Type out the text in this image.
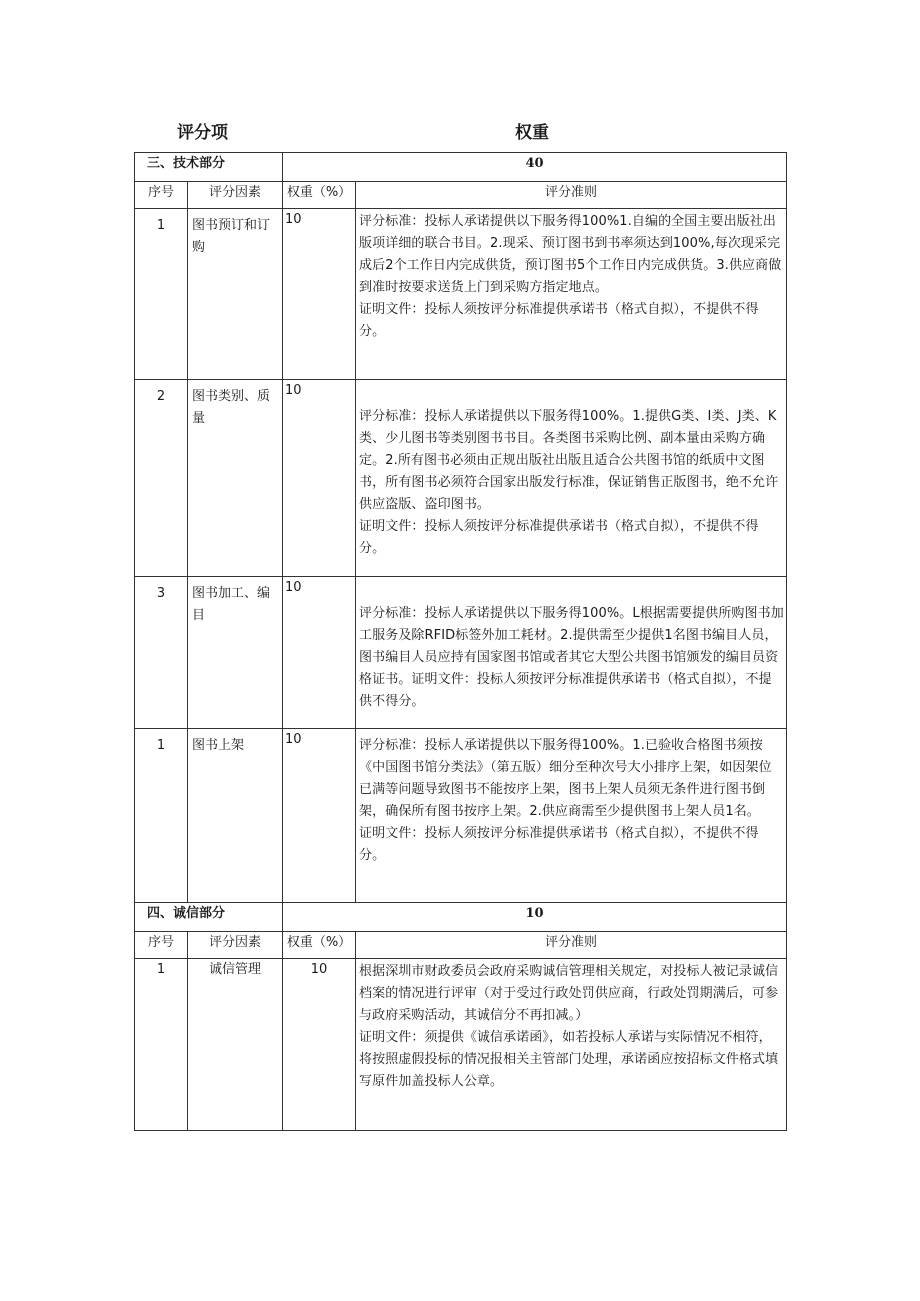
评分项	权重
三、技术部分		40	
序号	评分因素	权重（%）	评分准则
1	图书预订和订购	10	评分标准：投标人承诺提供以下服务得100%1.自编的全国主要出版社出版项详细的联合书目。2.现采、预订图书到书率须达到100%,每次现采完成后2个工作日内完成供货，预订图书5个工作日内完成供货。3.供应商做到准时按要求送货上门到采购方指定地点。

证明文件：投标人须按评分标准提供承诺书（格式自拟），不提供不得分。

2	图书类别、质量	10	评分标准：投标人承诺提供以下服务得100%。1.提供G类、I类、J类、K类、少儿图书等类别图书书目。各类图书采购比例、副本量由采购方确定。2.所有图书必须由正规出版社出版且适合公共图书馆的纸质中文图书，所有图书必须符合国家出版发行标准，保证销售正版图书，绝不允许供应盗版、盗印图书。

证明文件：投标人须按评分标准提供承诺书（格式自拟），不提供不得分。

3	图书加工、编目	10	评分标准：投标人承诺提供以下服务得100%。L根据需要提供所购图书加工服务及除RFID标签外加工耗材。2.提供需至少提供1名图书编目人员，图书编目人员应持有国家图书馆或者其它大型公共图书馆颁发的编目员资格证书。证明文件：投标人须按评分标准提供承诺书（格式自拟），不提供不得分。

1	图书上架	10	评分标准：投标人承诺提供以下服务得100%。1.已验收合格图书须按《中国图书馆分类法》（第五版）细分至种次号大小排序上架，如因架位已满等问题导致图书不能按序上架，图书上架人员须无条件进行图书倒架，确保所有图书按序上架。2.供应商需至少提供图书上架人员1名。

证明文件：投标人须按评分标准提供承诺书（格式自拟），不提供不得分。

四、诚信部分		10	
序号	评分因素	权重（%）	评分准则
1	诚信管理	10	根据深圳市财政委员会政府采购诚信管理相关规定，对投标人被记录诚信档案的情况进行评审（对于受过行政处罚供应商，行政处罚期满后，可参与政府采购活动，其诚信分不再扣减。）

证明文件：须提供《诚信承诺函》，如若投标人承诺与实际情况不相符，将按照虚假投标的情况报相关主管部门处理，承诺函应按招标文件格式填写原件加盖投标人公章。
